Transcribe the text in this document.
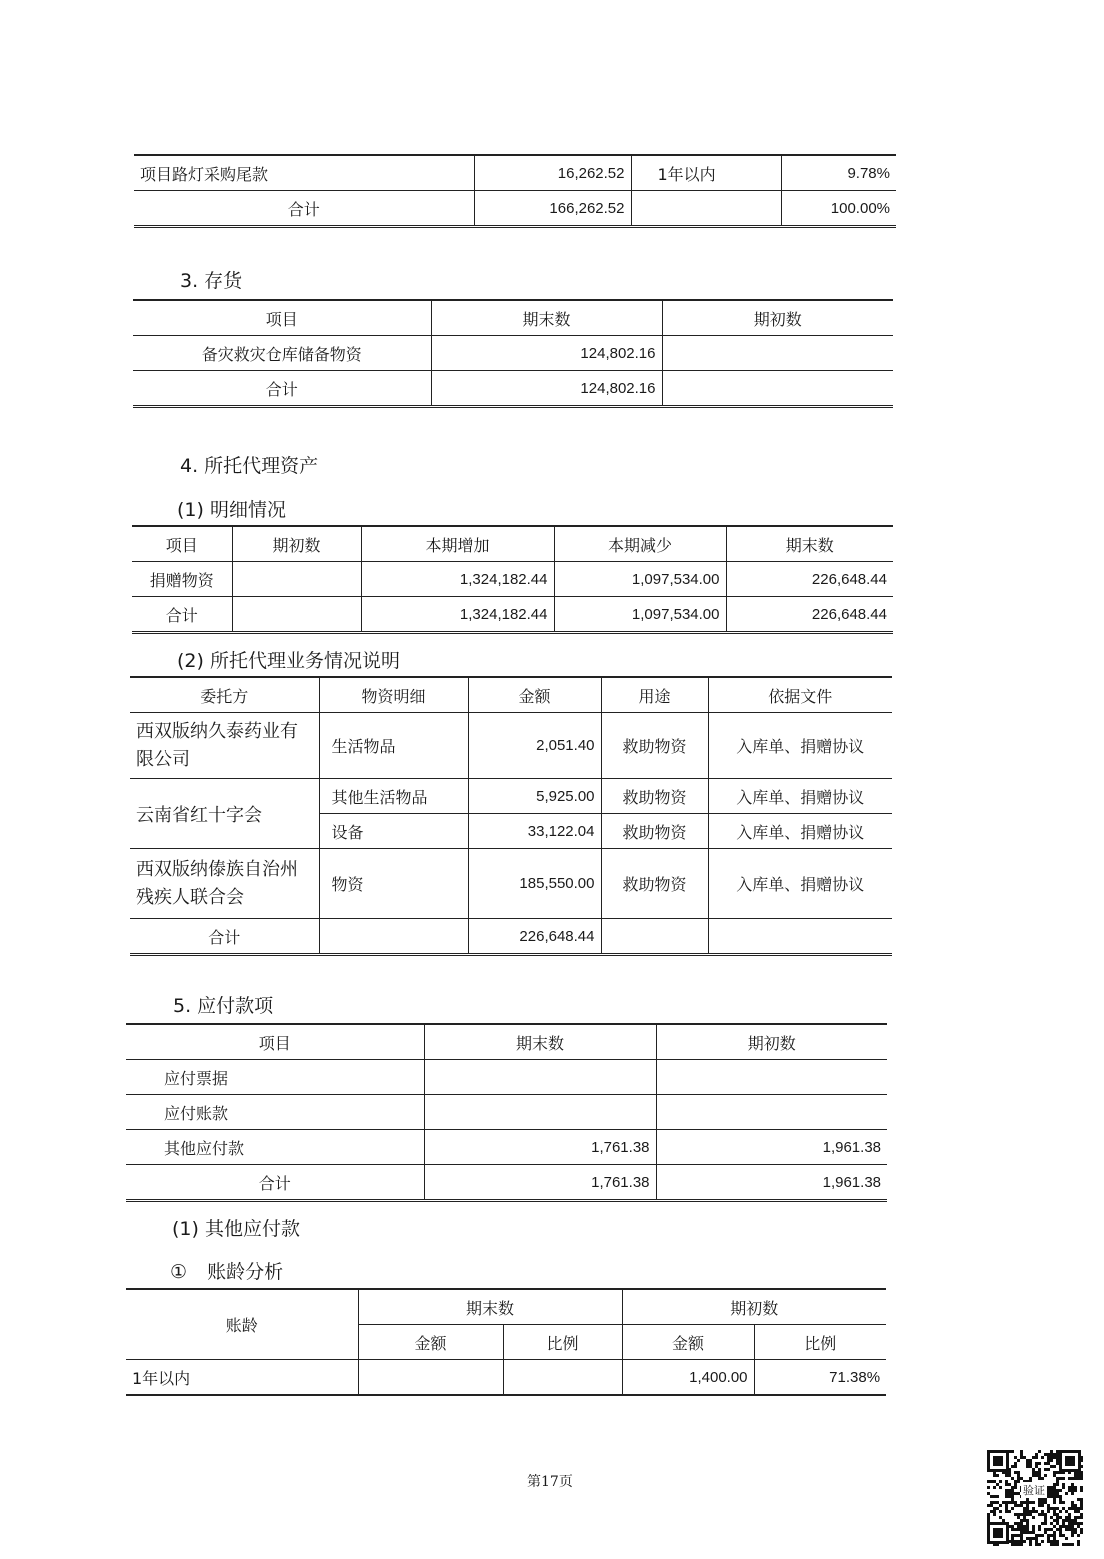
项目路灯采购尾款	16,262.52	1年以内	9.78%
合计	166,262.52		100.00%
3. 存货
项目	期末数	期初数
备灾救灾仓库储备物资	124,802.16	
合计	124,802.16	
4. 所托代理资产
(1) 明细情况
项目	期初数	本期增加	本期减少	期末数
捐赠物资		1,324,182.44	1,097,534.00	226,648.44
合计		1,324,182.44	1,097,534.00	226,648.44
(2) 所托代理业务情况说明
委托方	物资明细	金额	用途	依据文件
西双版纳久泰药业有限公司	生活物品	2,051.40	救助物资	入库单、捐赠协议
云南省红十字会	其他生活物品	5,925.00	救助物资	入库单、捐赠协议
	设备	33,122.04	救助物资	入库单、捐赠协议
西双版纳傣族自治州残疾人联合会	物资	185,550.00	救助物资	入库单、捐赠协议
合计		226,648.44		
5. 应付款项
项目	期末数	期初数
应付票据		
应付账款		
其他应付款	1,761.38	1,961.38
合计	1,761.38	1,961.38
(1) 其他应付款
① 账龄分析
账龄	期末数		期初数	
	金额	比例	金额	比例
1年以内			1,400.00	71.38%
第17页
验证
